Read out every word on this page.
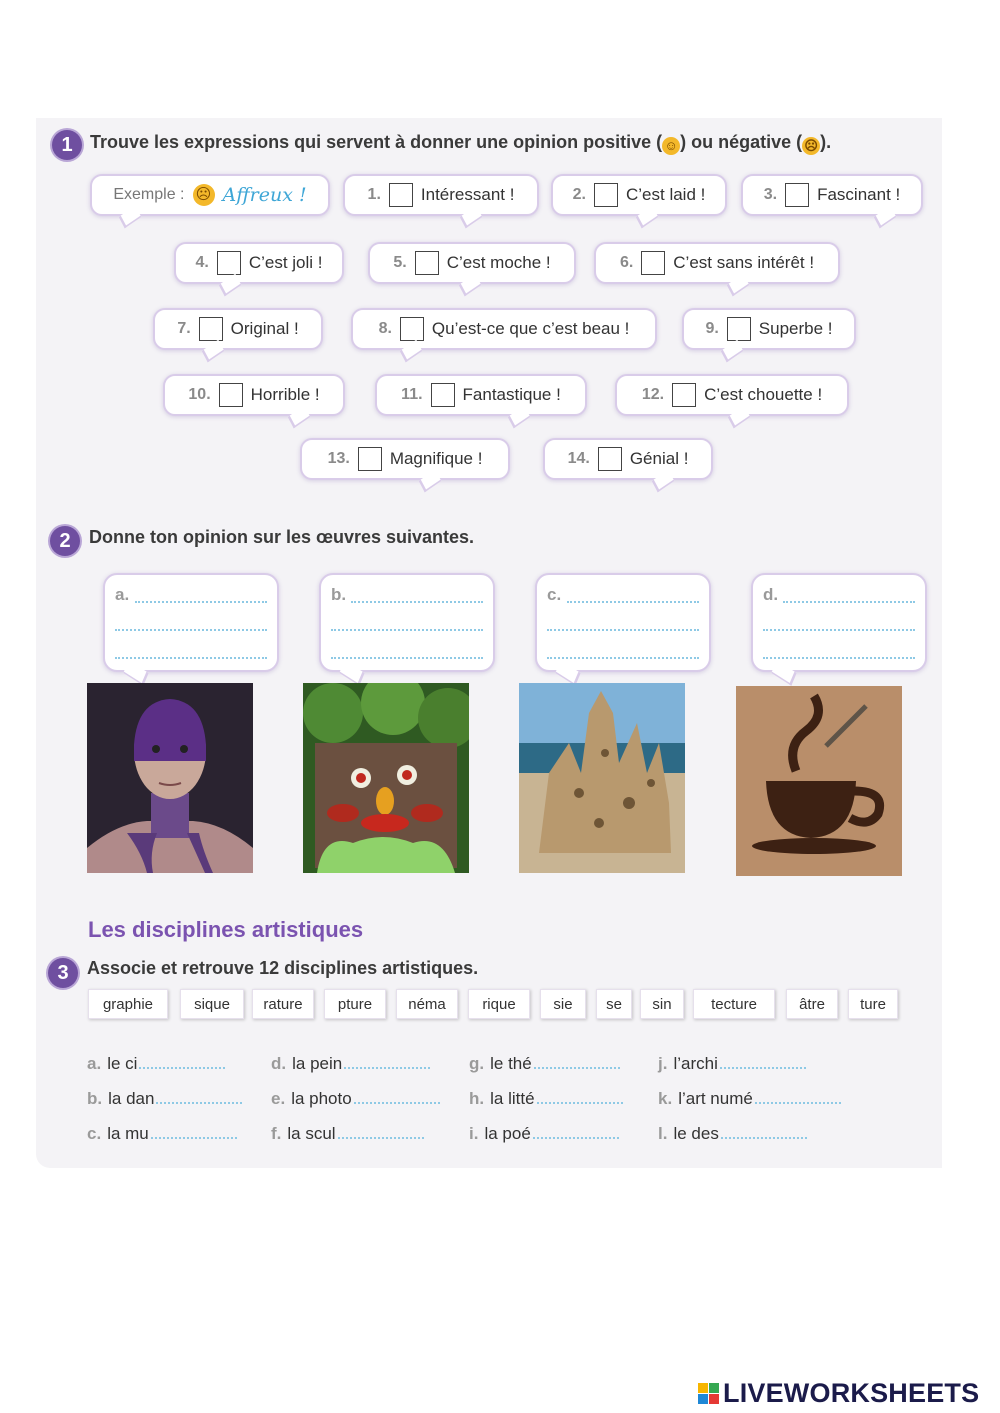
1 Trouve les expressions qui servent à donner une opinion positive ( ☺ ) ou négative ( ☹ ).
Exemple : ☹ Affreux !	1. Intéressant !	2. C’est laid !	3. Fascinant !
4. C’est joli !	5. C’est moche !	6. C’est sans intérêt !
7. Original !	8. Qu’est-ce que c’est beau !	9. Superbe !
10. Horrible !	11. Fantastique !	12. C’est chouette !
13. Magnifique !	14. Génial !
2	Donne ton opinion sur les œuvres suivantes.
a.	b.	c.	d.
Les disciplines artistiques
3	Associe et retrouve 12 disciplines artistiques.
graphie	sique	rature	pture	néma	rique	sie	se	sin	tecture	âtre	ture
a. le ci
b. la dan
c. la mu
d. la pein
e. la photo
f. la scul
g. le thé
h. la litté
i. la poé
j. l’archi
k. l’art numé
l. le des
LIVEWORKSHEETS
